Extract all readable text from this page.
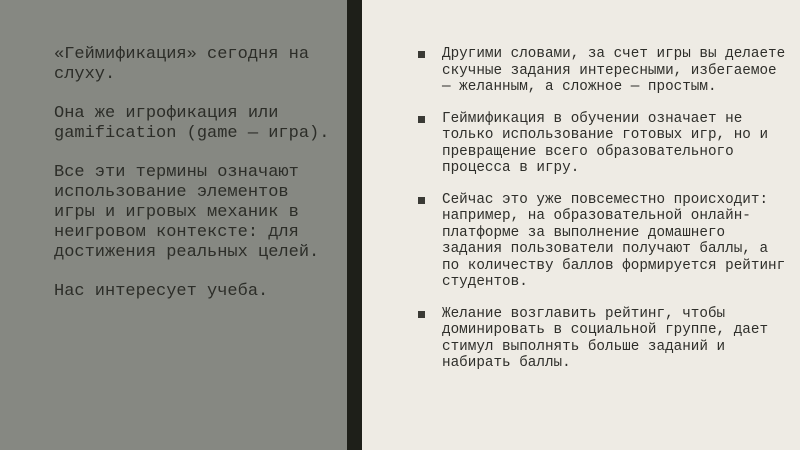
«Геймификация» сегодня на слуху.

Она же игрофикация или gamification (game — игра).

Все эти термины означают использование элементов игры и игровых механик в неигровом контексте: для достижения реальных целей.

Нас интересует учеба.

Другими словами, за счет игры вы делаете скучные задания интересными, избегаемое — желанным, а сложное — простым.
Геймификация в обучении означает не только использование готовых игр, но и превращение всего образовательного процесса в игру.
Сейчас это уже повсеместно происходит: например, на образовательной онлайн-платформе за выполнение домашнего задания пользователи получают баллы, а по количеству баллов формируется рейтинг студентов.
Желание возглавить рейтинг, чтобы доминировать в социальной группе, дает стимул выполнять больше заданий и набирать баллы.
